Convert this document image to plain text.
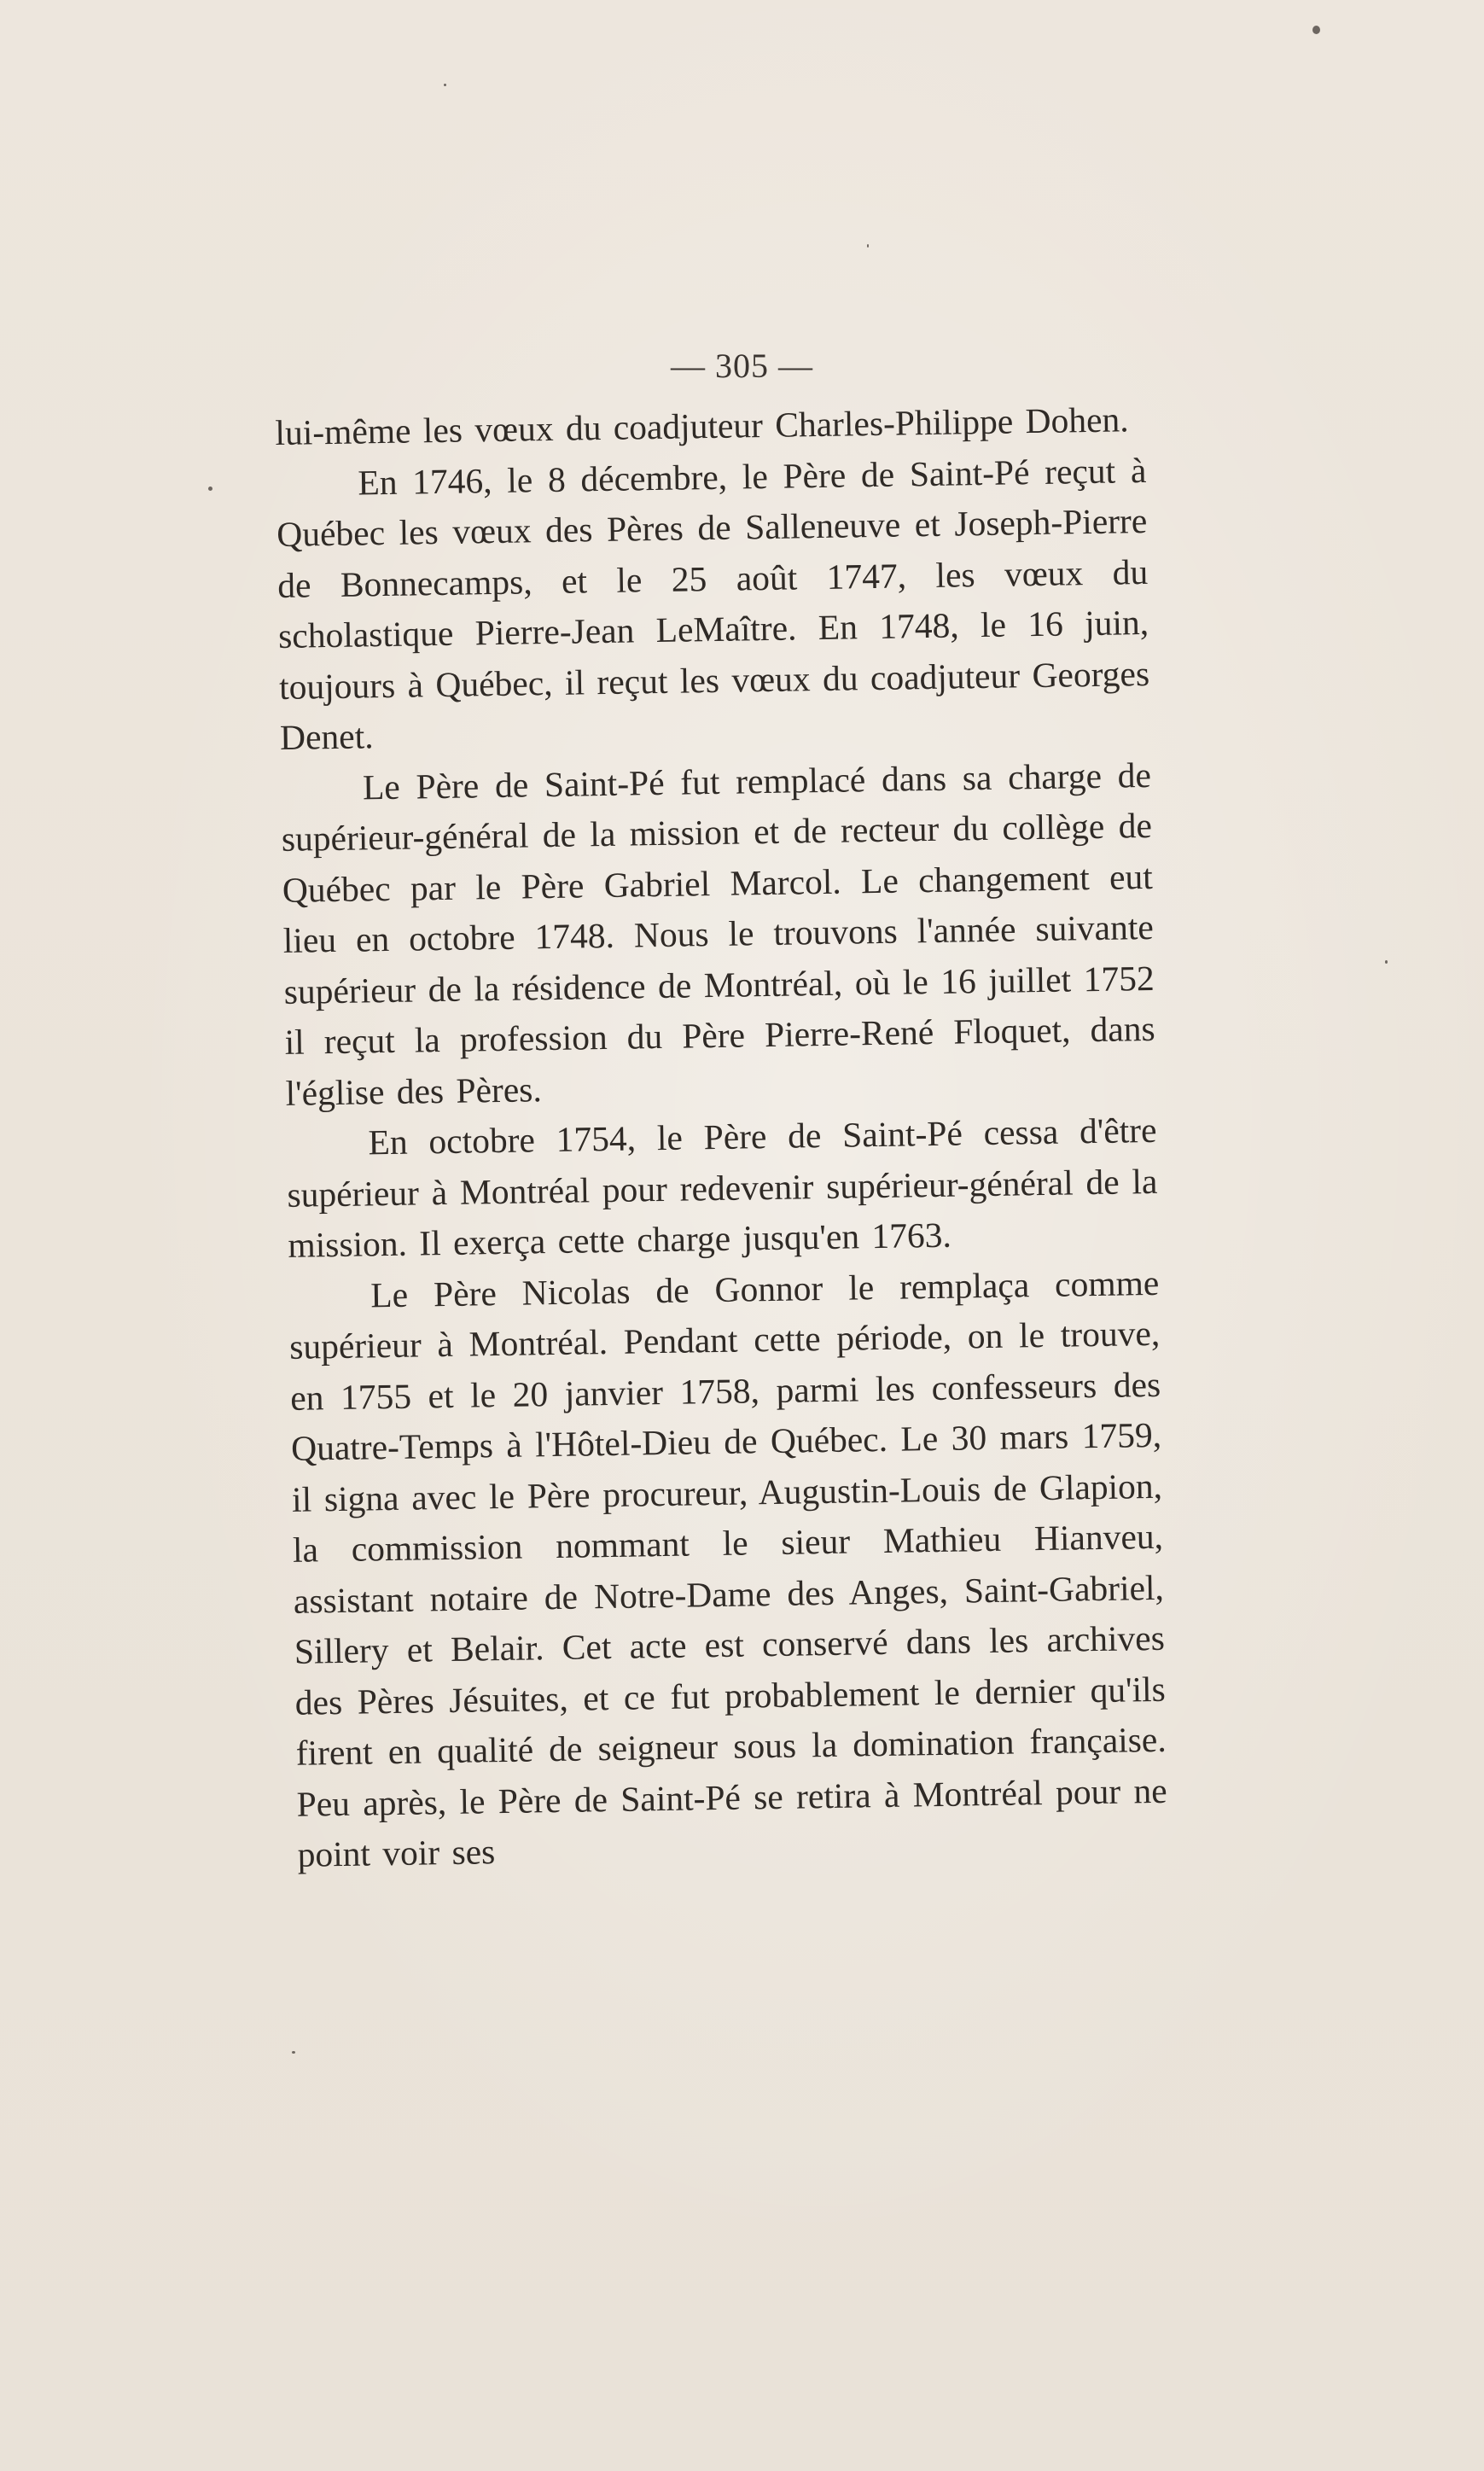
— 305 —

lui-même les vœux du coadjuteur Charles-Philippe Dohen.

En 1746, le 8 décembre, le Père de Saint-Pé reçut à Québec les vœux des Pères de Salleneuve et Joseph-Pierre de Bonnecamps, et le 25 août 1747, les vœux du scholastique Pierre-Jean LeMaître. En 1748, le 16 juin, toujours à Québec, il reçut les vœux du coadjuteur Georges Denet.

Le Père de Saint-Pé fut remplacé dans sa charge de supérieur-général de la mission et de recteur du collège de Québec par le Père Gabriel Marcol. Le changement eut lieu en octobre 1748. Nous le trouvons l'année suivante supérieur de la résidence de Montréal, où le 16 juillet 1752 il reçut la profession du Père Pierre-René Floquet, dans l'église des Pères.

En octobre 1754, le Père de Saint-Pé cessa d'être supérieur à Montréal pour redevenir supérieur-général de la mission. Il exerça cette charge jusqu'en 1763.

Le Père Nicolas de Gonnor le remplaça comme supérieur à Montréal. Pendant cette période, on le trouve, en 1755 et le 20 janvier 1758, parmi les confesseurs des Quatre-Temps à l'Hôtel-Dieu de Québec. Le 30 mars 1759, il signa avec le Père procureur, Augustin-Louis de Glapion, la commission nommant le sieur Mathieu Hianveu, assistant notaire de Notre-Dame des Anges, Saint-Gabriel, Sillery et Belair. Cet acte est conservé dans les archives des Pères Jésuites, et ce fut probablement le dernier qu'ils firent en qualité de seigneur sous la domination française. Peu après, le Père de Saint-Pé se retira à Montréal pour ne point voir ses
